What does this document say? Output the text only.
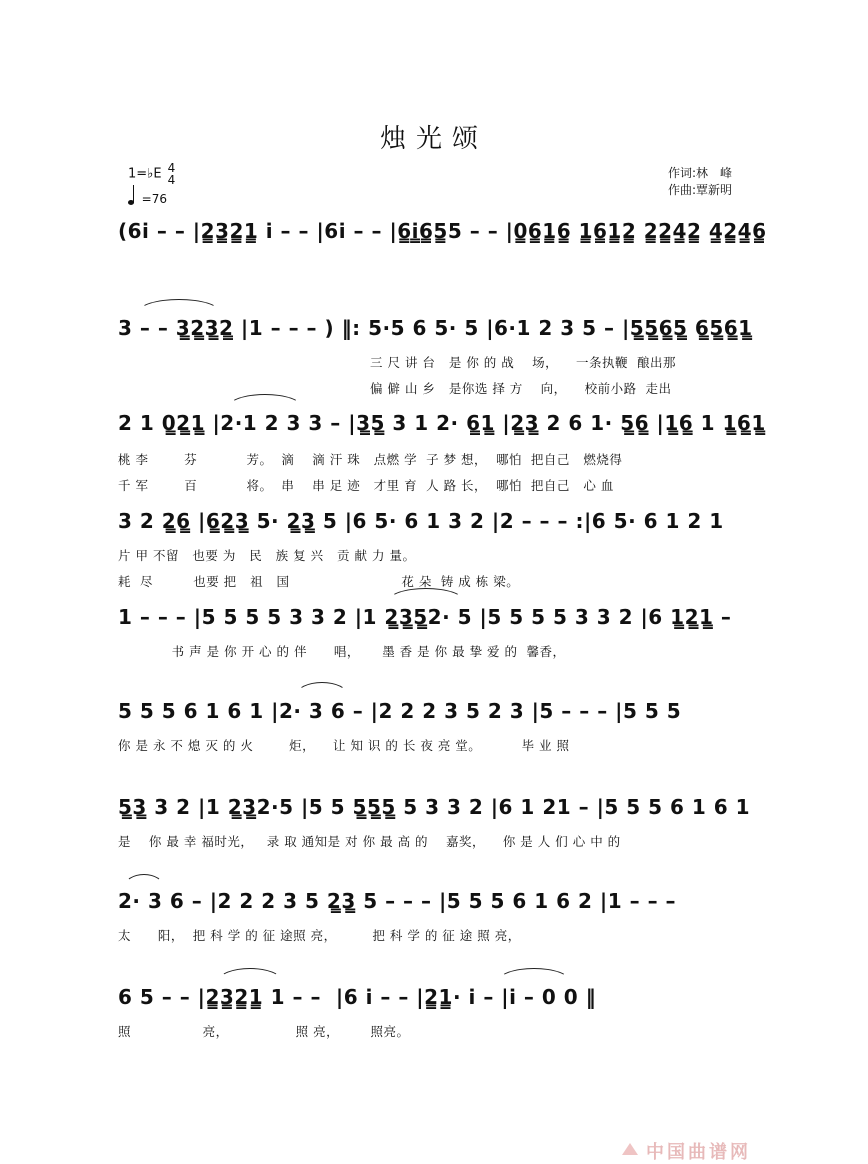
烛光颂
1=♭E 4
4
=76
作词:林　峰
作曲:覃新明
(6i̇ – – |2̳3̳2̳1̳ i̇ – – |6i̇ – – |6̳i̳̇6̳5̳5 – – |0̳6̳1̳6̳ 1̳6̳1̳2̳ 2̳2̳4̳2̳ 4̳2̳4̳6̳
3 – – 3̳2̳3̳2̳ |1 – – – ) ‖: 5·5 6 5· 5 |6·1 2 3 5 – |5̳5̳6̳5̳ 6̳5̳6̳1̳
三 尺 讲 台   是 你 的 战    场，    一条执鞭  酿出那
偏 僻 山 乡   是你选 择 方    向，    校前小路  走出
2 1 0̳2̳1̳ |2·1 2 3 3 – |3̳5̳ 3 1 2· 6̳1̳ |2̳3̳ 2 6 1· 5̳6̳ |1̳6̳ 1 1̳6̳1̳
桃 李        芬           芳。  滴    滴 汗 珠   点燃 学  子 梦 想，  哪怕  把自己   燃烧得
千 军        百           将。  串    串 足 迹   才里 育  人 路 长，  哪怕  把自己   心 血
3 2 2̳6̳ |6̳2̳3̳ 5· 2̳3̳ 5 |6 5· 6 1 3 2 |2 – – – :|6 5· 6 1 2 1
片 甲 不留   也要 为   民   族 复 兴   贡 献 力 量。
耗  尽         也要 把   祖   国                         花 朵  铸 成 栋 梁。
1 – – – |5 5 5 5 3 3 2 |1 2̳3̳5̳2· 5 |5 5 5 5 3 3 2 |6 1̳2̳1̳ –
书 声 是 你 开 心 的 伴      唱，     墨 香 是 你 最 挚 爱 的  馨香，
5 5 5 6 1 6 1 |2· 3 6 – |2 2 2 3 5 2 3 |5 – – – |5 5 5
你 是 永 不 熄 灭 的 火        炬，    让 知 识 的 长 夜 亮 堂。         毕 业 照
5̳3̳ 3 2 |1 2̳3̳2·5 |5 5 5̳5̳5̳ 5 3 3 2 |6 1 21 – |5 5 5 6 1 6 1
是    你 最 幸 福时光，   录 取 通知是 对 你 最 高 的    嘉奖，    你 是 人 们 心 中 的
2· 3 6 – |2 2 2 3 5 2̳3̳ 5 – – – |5 5 5 6 1 6 2 |1 – – –
太      阳，  把 科 学 的 征 途照 亮，        把 科 学 的 征 途 照 亮，
6 5 – – |2̳3̳2̳1̳ 1 – –  |6 i̇ – – |2̳1̳· i̇ – |i̇ – 0 0 ‖
照                亮，               照 亮，       照亮。
中国曲谱网
